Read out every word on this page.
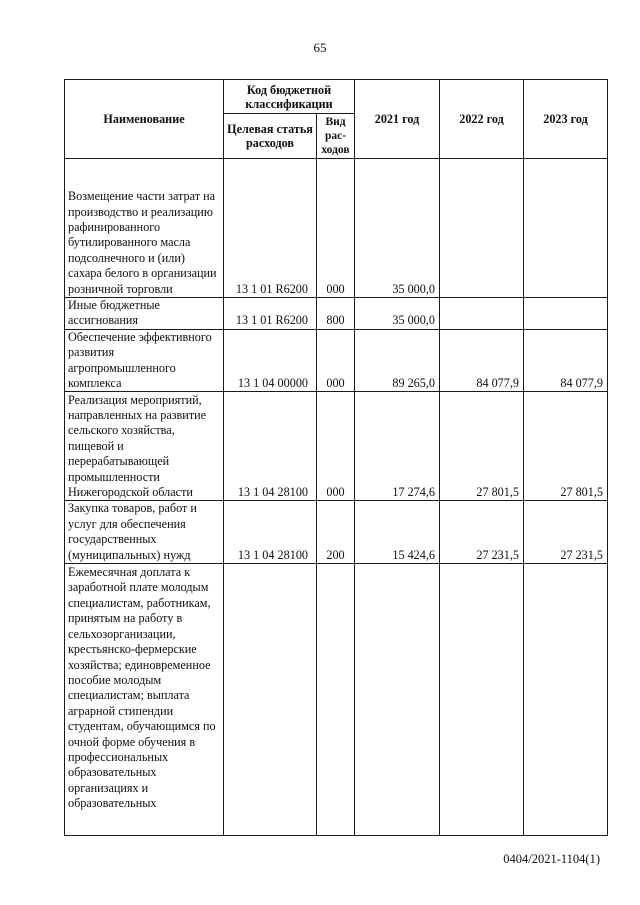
65
Наименование	Код бюджетной классификации		2021 год	2022 год	2023 год
	Целевая статья расходов	Вид рас-ходов			
Возмещение части затрат на производство и реализацию рафинированного бутилированного масла подсолнечного и (или) сахара белого в организации розничной торговли	13 1 01 R6200	000	35 000,0		
Иные бюджетные ассигнования	13 1 01 R6200	800	35 000,0		
Обеспечение эффективного развития агропромышленного комплекса	13 1 04 00000	000	89 265,0	84 077,9	84 077,9
Реализация мероприятий, направленных на развитие сельского хозяйства, пищевой и перерабатывающей промышленности Нижегородской области	13 1 04 28100	000	17 274,6	27 801,5	27 801,5
Закупка товаров, работ и услуг для обеспечения государственных (муниципальных) нужд	13 1 04 28100	200	15 424,6	27 231,5	27 231,5
Ежемесячная доплата к заработной плате молодым специалистам, работникам, принятым на работу в сельхозорганизации, крестьянско-фермерские хозяйства; единовременное пособие молодым специалистам; выплата аграрной стипендии студентам, обучающимся по очной форме обучения в профессиональных образовательных организациях и образовательных					
0404/2021-1104(1)
